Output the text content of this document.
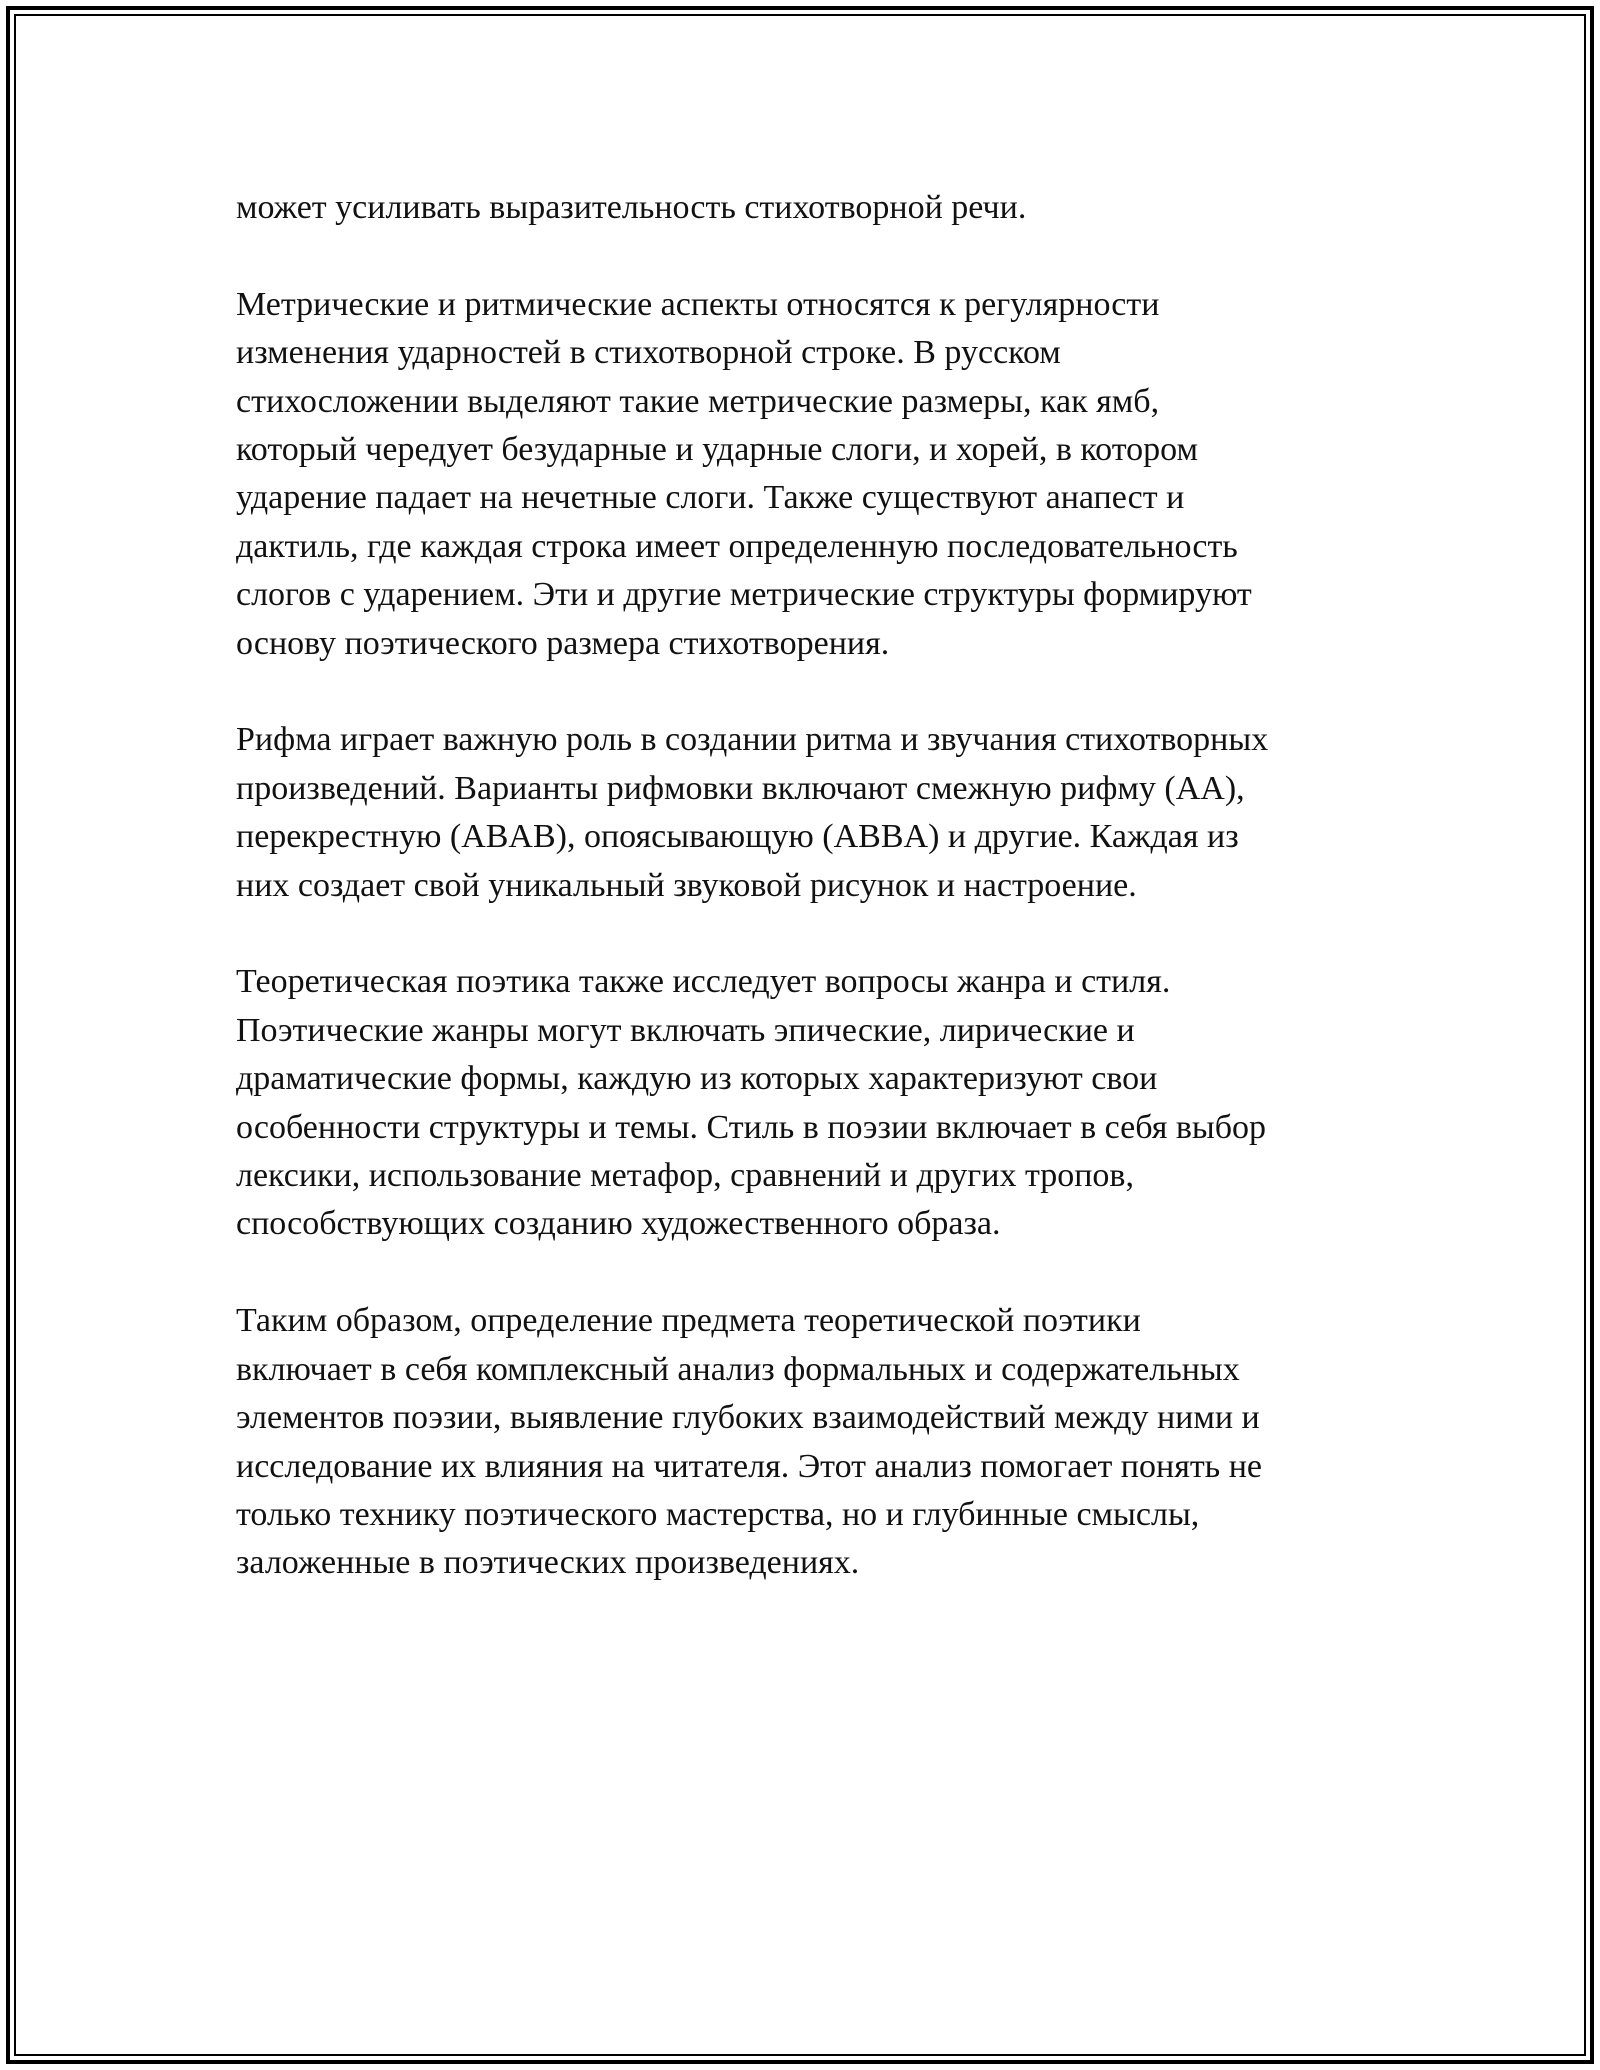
может усиливать выразительность стихотворной речи.

Метрические и ритмические аспекты относятся к регулярности
изменения ударностей в стихотворной строке. В русском
стихосложении выделяют такие метрические размеры, как ямб,
который чередует безударные и ударные слоги, и хорей, в котором
ударение падает на нечетные слоги. Также существуют анапест и
дактиль, где каждая строка имеет определенную последовательность
слогов с ударением. Эти и другие метрические структуры формируют
основу поэтического размера стихотворения.

Рифма играет важную роль в создании ритма и звучания стихотворных
произведений. Варианты рифмовки включают смежную рифму (AA),
перекрестную (ABAB), опоясывающую (ABBA) и другие. Каждая из
них создает свой уникальный звуковой рисунок и настроение.

Теоретическая поэтика также исследует вопросы жанра и стиля.
Поэтические жанры могут включать эпические, лирические и
драматические формы, каждую из которых характеризуют свои
особенности структуры и темы. Стиль в поэзии включает в себя выбор
лексики, использование метафор, сравнений и других тропов,
способствующих созданию художественного образа.

Таким образом, определение предмета теоретической поэтики
включает в себя комплексный анализ формальных и содержательных
элементов поэзии, выявление глубоких взаимодействий между ними и
исследование их влияния на читателя. Этот анализ помогает понять не
только технику поэтического мастерства, но и глубинные смыслы,
заложенные в поэтических произведениях.
